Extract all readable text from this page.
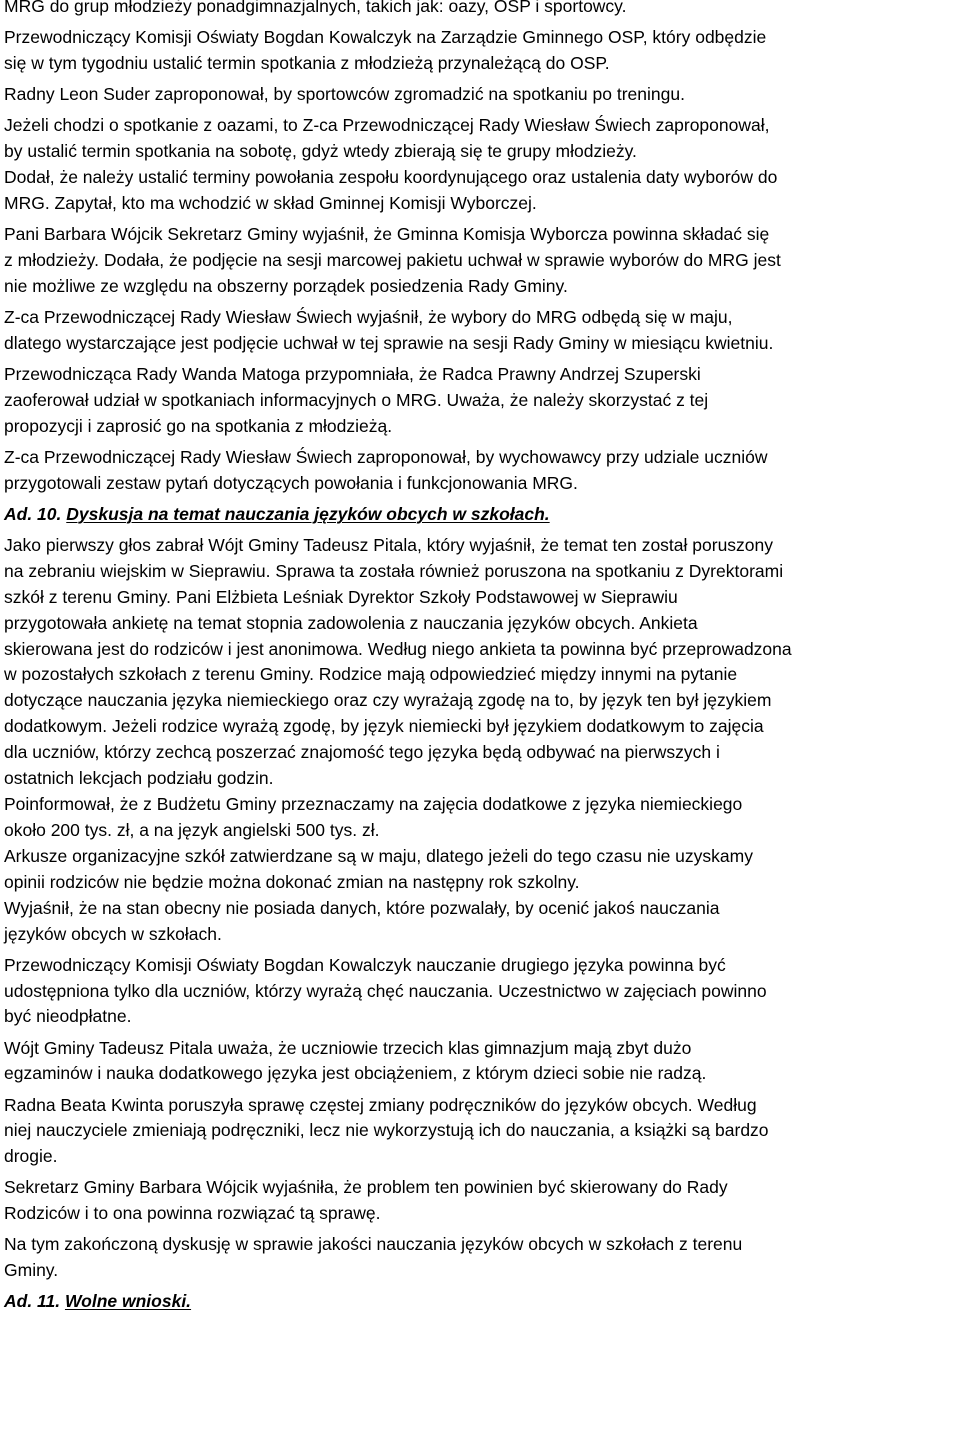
MRG do grup młodzieży ponadgimnazjalnych, takich jak: oazy, OSP i sportowcy.
Przewodniczący Komisji Oświaty Bogdan Kowalczyk na Zarządzie Gminnego OSP, który odbędzie
się w tym tygodniu ustalić termin spotkania z młodzieżą przynależącą do OSP.
Radny Leon Suder zaproponował, by sportowców zgromadzić na spotkaniu po treningu.
Jeżeli chodzi o spotkanie z oazami, to Z-ca Przewodniczącej Rady Wiesław Świech zaproponował,
by ustalić termin spotkania na sobotę, gdyż wtedy zbierają się te grupy młodzieży.
Dodał, że należy ustalić terminy powołania zespołu koordynującego oraz ustalenia daty wyborów do
MRG. Zapytał, kto ma wchodzić w skład Gminnej Komisji Wyborczej.
Pani Barbara Wójcik Sekretarz Gminy wyjaśnił, że Gminna Komisja Wyborcza powinna składać się
z młodzieży. Dodała, że podjęcie na sesji marcowej pakietu uchwał w sprawie wyborów do MRG jest
nie możliwe ze względu na obszerny porządek posiedzenia Rady Gminy.
Z-ca Przewodniczącej Rady Wiesław Świech wyjaśnił, że wybory do MRG odbędą się w maju,
dlatego wystarczające jest podjęcie uchwał w tej sprawie na sesji Rady Gminy w miesiącu kwietniu.
Przewodnicząca Rady Wanda Matoga przypomniała, że Radca Prawny Andrzej Szuperski
zaoferował udział w spotkaniach informacyjnych o MRG. Uważa, że należy skorzystać z tej
propozycji i zaprosić go na spotkania z młodzieżą.
Z-ca Przewodniczącej Rady Wiesław Świech zaproponował, by wychowawcy przy udziale uczniów
przygotowali zestaw pytań dotyczących powołania i funkcjonowania MRG.
Ad. 10. Dyskusja na temat nauczania języków obcych w szkołach.
Jako pierwszy głos zabrał Wójt Gminy Tadeusz Pitala, który wyjaśnił, że temat ten został poruszony
na zebraniu wiejskim w Sieprawiu. Sprawa ta została również poruszona na spotkaniu z Dyrektorami
szkół z terenu Gminy. Pani Elżbieta Leśniak Dyrektor Szkoły Podstawowej w Sieprawiu
przygotowała ankietę na temat stopnia zadowolenia z nauczania języków obcych. Ankieta
skierowana jest do rodziców i jest anonimowa. Według niego ankieta ta powinna być przeprowadzona
w pozostałych szkołach z terenu Gminy. Rodzice mają odpowiedzieć między innymi na pytanie
dotyczące nauczania języka niemieckiego oraz czy wyrażają zgodę na to, by język ten był językiem
dodatkowym. Jeżeli rodzice wyrażą zgodę, by język niemiecki był językiem dodatkowym to zajęcia
dla uczniów, którzy zechcą poszerzać znajomość tego języka będą odbywać na pierwszych i
ostatnich lekcjach podziału godzin.
Poinformował, że z Budżetu Gminy przeznaczamy na zajęcia dodatkowe z języka niemieckiego
około 200 tys. zł, a na język angielski 500 tys. zł.
Arkusze organizacyjne szkół zatwierdzane są w maju, dlatego jeżeli do tego czasu nie uzyskamy
opinii rodziców nie będzie można dokonać zmian na następny rok szkolny.
Wyjaśnił, że na stan obecny nie posiada danych, które pozwalały, by ocenić jakoś nauczania
języków obcych w szkołach.
Przewodniczący Komisji Oświaty Bogdan Kowalczyk nauczanie drugiego języka powinna być
udostępniona tylko dla uczniów, którzy wyrażą chęć nauczania. Uczestnictwo w zajęciach powinno
być nieodpłatne.
Wójt Gminy Tadeusz Pitala uważa, że uczniowie trzecich klas gimnazjum mają zbyt dużo
egzaminów i nauka dodatkowego języka jest obciążeniem, z którym dzieci sobie nie radzą.
Radna Beata Kwinta poruszyła sprawę częstej zmiany podręczników do języków obcych. Według
niej nauczyciele zmieniają podręczniki, lecz nie wykorzystują ich do nauczania, a książki są bardzo
drogie.
Sekretarz Gminy Barbara Wójcik wyjaśniła, że problem ten powinien być skierowany do Rady
Rodziców i to ona powinna rozwiązać tą sprawę.
Na tym zakończoną dyskusję w sprawie jakości nauczania języków obcych w szkołach z terenu
Gminy.
Ad. 11. Wolne wnioski.
